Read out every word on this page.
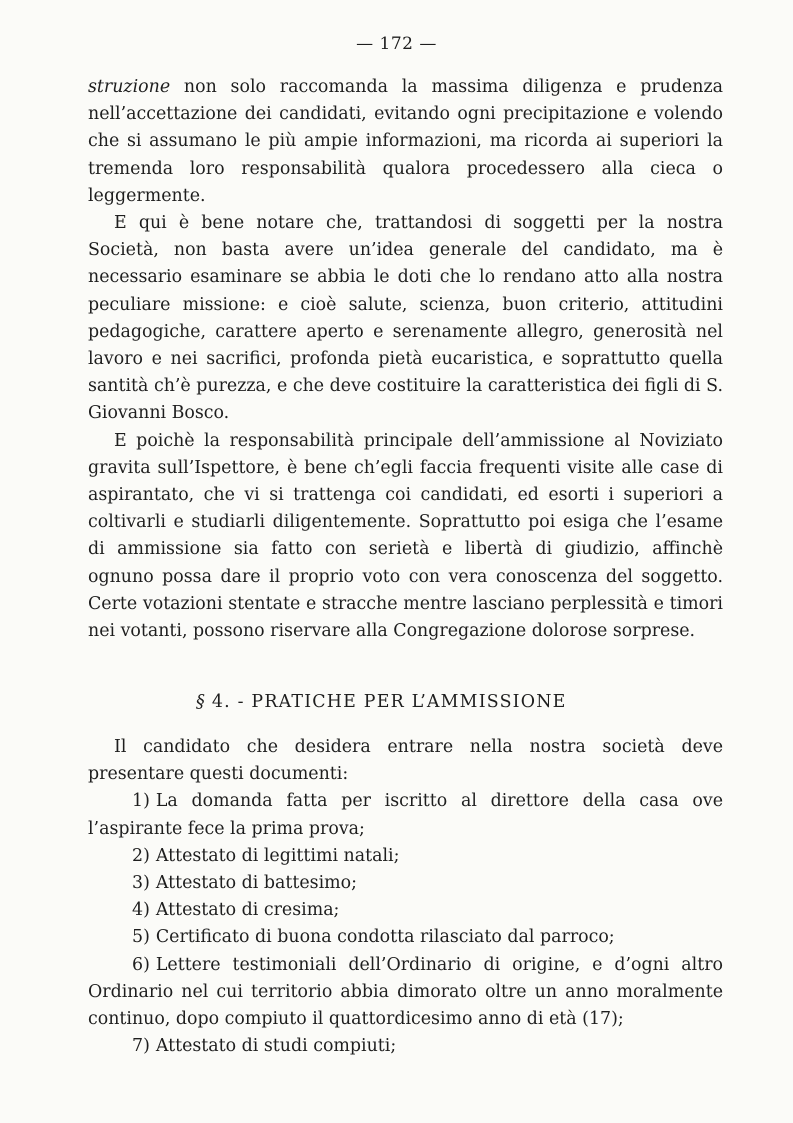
— 172 —

struzione non solo raccomanda la massima diligenza e prudenza nell’accettazione dei candidati, evitando ogni precipitazione e volendo che si assumano le più ampie informazioni, ma ricorda ai superiori la tremenda loro responsabilità qualora procedessero alla cieca o leggermente.

E qui è bene notare che, trattandosi di soggetti per la nostra Società, non basta avere un’idea generale del candidato, ma è necessario esaminare se abbia le doti che lo rendano atto alla nostra peculiare missione: e cioè salute, scienza, buon criterio, attitudini pedagogiche, carattere aperto e serenamente allegro, generosità nel lavoro e nei sacrifici, profonda pietà eucaristica, e soprattutto quella santità ch’è purezza, e che deve costituire la caratteristica dei figli di S. Giovanni Bosco.

E poichè la responsabilità principale dell’ammissione al Noviziato gravita sull’Ispettore, è bene ch’egli faccia frequenti visite alle case di aspirantato, che vi si trattenga coi candidati, ed esorti i superiori a coltivarli e studiarli diligentemente. Soprattutto poi esiga che l’esame di ammissione sia fatto con serietà e libertà di giudizio, affinchè ognuno possa dare il proprio voto con vera conoscenza del soggetto. Certe votazioni stentate e stracche mentre lasciano perplessità e timori nei votanti, possono riservare alla Congregazione dolorose sorprese.

§ 4. - PRATICHE PER L’AMMISSIONE

Il candidato che desidera entrare nella nostra società deve presentare questi documenti:

1) La domanda fatta per iscritto al direttore della casa ove l’aspirante fece la prima prova;

2) Attestato di legittimi natali;

3) Attestato di battesimo;

4) Attestato di cresima;

5) Certificato di buona condotta rilasciato dal parroco;

6) Lettere testimoniali dell’Ordinario di origine, e d’ogni altro Ordinario nel cui territorio abbia dimorato oltre un anno moralmente continuo, dopo compiuto il quattordicesimo anno di età (17);

7) Attestato di studi compiuti;
